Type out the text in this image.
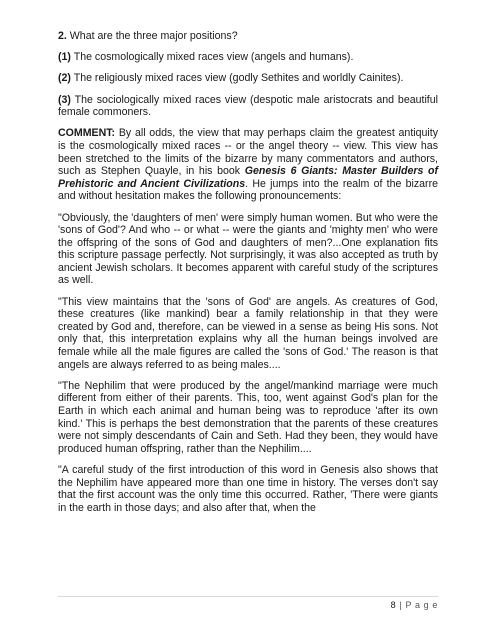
2. What are the three major positions?

(1) The cosmologically mixed races view (angels and humans).

(2) The religiously mixed races view (godly Sethites and worldly Cainites).

(3) The sociologically mixed races view (despotic male aristocrats and beautiful female commoners.

COMMENT: By all odds, the view that may perhaps claim the greatest antiquity is the cosmologically mixed races -- or the angel theory -- view. This view has been stretched to the limits of the bizarre by many commentators and authors, such as Stephen Quayle, in his book Genesis 6 Giants: Master Builders of Prehistoric and Ancient Civilizations. He jumps into the realm of the bizarre and without hesitation makes the following pronouncements:

"Obviously, the 'daughters of men' were simply human women. But who were the 'sons of God'? And who -- or what -- were the giants and 'mighty men' who were the offspring of the sons of God and daughters of men?...One explanation fits this scripture passage perfectly. Not surprisingly, it was also accepted as truth by ancient Jewish scholars. It becomes apparent with careful study of the scriptures as well.

"This view maintains that the 'sons of God' are angels. As creatures of God, these creatures (like mankind) bear a family relationship in that they were created by God and, therefore, can be viewed in a sense as being His sons. Not only that, this interpretation explains why all the human beings involved are female while all the male figures are called the 'sons of God.' The reason is that angels are always referred to as being males....

"The Nephilim that were produced by the angel/mankind marriage were much different from either of their parents. This, too, went against God's plan for the Earth in which each animal and human being was to reproduce 'after its own kind.' This is perhaps the best demonstration that the parents of these creatures were not simply descendants of Cain and Seth. Had they been, they would have produced human offspring, rather than the Nephilim....

"A careful study of the first introduction of this word in Genesis also shows that the Nephilim have appeared more than one time in history. The verses don't say that the first account was the only time this occurred. Rather, 'There were giants in the earth in those days; and also after that, when the

8 | P a g e
